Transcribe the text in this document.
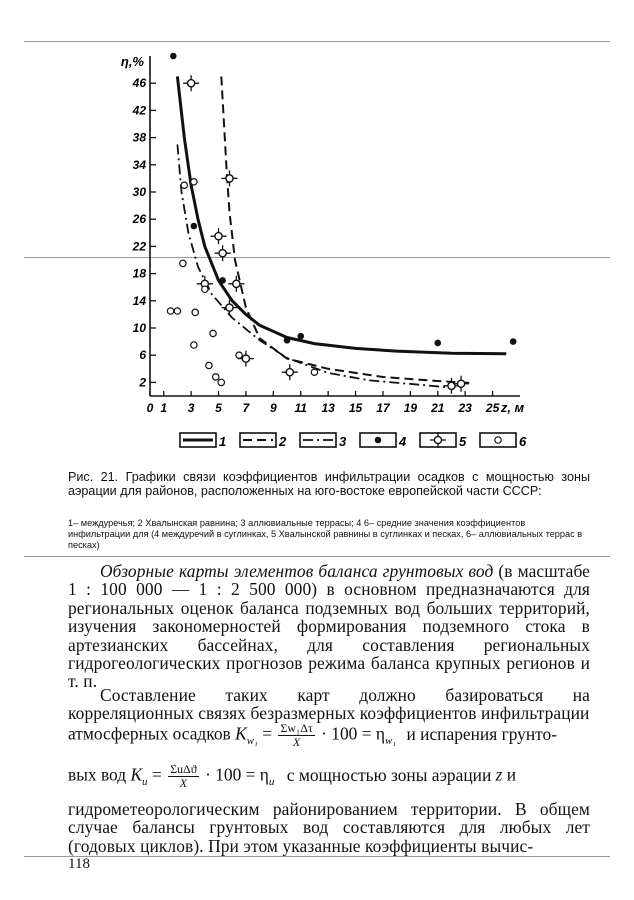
2
6
10
14
18
22
26
30
34
38
42
46
0 1 3 5 7 9 11 13 15 17 19 21 23 25
η,%
z, м
1	2	3	4	5	6
Рис. 21. Графики связи коэффициентов инфильтрации осадков с мощностью зоны аэрации для районов, расположенных на юго-востоке европейской части СССР:
1– междуречья; 2 Хвалынская равнина; 3 аллювиальные террасы; 4 6– средние значения коэффициентов инфильтрации для (4 междуречий в суглинках, 5 Хвалынской равнины в суглинках и песках, 6– аллювиальных террас в песках)
Обзорные карты элементов баланса грунтовых вод (в масштабе 1 : 100 000 — 1 : 2 500 000) в основном предназначаются для региональных оценок баланса подземных вод больших территорий, изучения закономерностей формирования подземного стока в артезианских бассейнах, для составления региональных гидрогеологических прогнозов режима баланса крупных регионов и т. п.
Составление таких карт должно базироваться на корреляционных связях безразмерных коэффициентов инфильтрации
атмосферных осадков $K_{w_1} = \frac{\text{Σw₁Δτ}}{X} \cdot 100 = \eta_{w_1}$ и испарения грунто-
вых вод $K_u = \frac{\text{ΣuΔϑ}}{X} \cdot 100 = \eta_u$ с мощностью зоны аэрации z и
гидрометеорологическим районированием территории. В общем случае балансы грунтовых вод составляются для любых лет (годовых циклов). При этом указанные коэффициенты вычис-
118
